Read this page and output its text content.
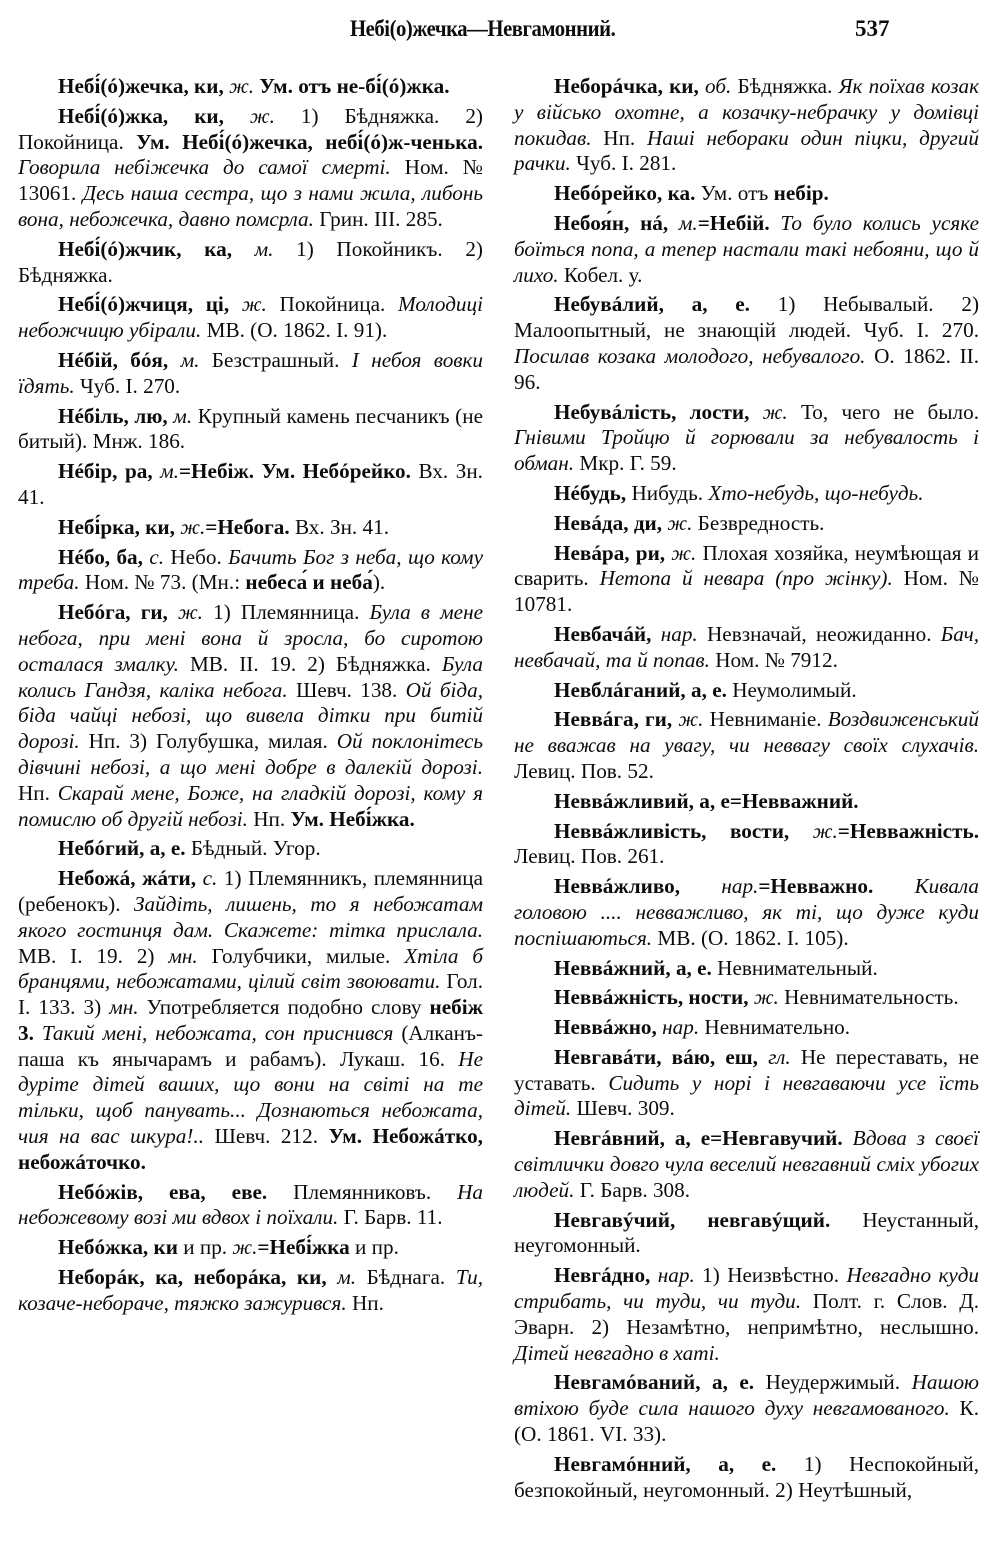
Небі(о)жечка—Невгамонний.	537

Небі́(ó)жечка, ки, ж. Ум. отъ не-бі́(ó)жка.

Небі́(ó)жка, ки, ж. 1) Бѣдняжка. 2) Покойница. Ум. Небі́(ó)жечка, небі́(ó)ж-ченька. Говорила небіжечка до самої смерті. Ном. № 13061. Десь наша сестра, що з нами жила, либонь вона, небожечка, давно помсрла. Грин. III. 285.

Небі́(ó)жчик, ка, м. 1) Покойникъ. 2) Бѣдняжка.

Небі́(ó)жчиця, ці, ж. Покойница. Молодиці небожчицю убірали. МВ. (О. 1862. I. 91).

Нéбій, бóя, м. Безстрашный. І небоя вовки їдять. Чуб. I. 270.

Нéбіль, лю, м. Крупный камень песчаникъ (не битый). Мнж. 186.

Нéбір, ра, м.=Небіж. Ум. Небóрейко. Вх. Зн. 41.

Небі́рка, ки, ж.=Небога. Вх. Зн. 41.

Нéбо, ба, с. Небо. Бачить Бог з неба, що кому треба. Ном. № 73. (Мн.: небеса́ и неба́).

Небóга, ги, ж. 1) Племянница. Була в мене небога, при мені вона й зросла, бо сиротою осталася змалку. МВ. II. 19. 2) Бѣдняжка. Була колись Гандзя, каліка небога. Шевч. 138. Ой біда, біда чайці небозі, що вивела дітки при битій дорозі. Нп. 3) Голубушка, милая. Ой поклонітесь дівчині небозі, а що мені добре в далекій дорозі. Нп. Скарай мене, Боже, на гладкій дорозі, кому я помислю об другій небозі. Нп. Ум. Небі́жка.

Небóгий, а, е. Бѣдный. Угор.

Небожá, жáти, с. 1) Племянникъ, племянница (ребенокъ). Зайдіть, лишень, то я небожатам якого гостинця дам. Скажете: тітка прислала. МВ. I. 19. 2) мн. Голубчики, милые. Хтіла б бранцями, небожатами, цілий світ звоювати. Гол. I. 133. 3) мн. Употребляется подобно слову небіж 3. Такий мені, небожата, сон приснився (Алканъ-паша къ янычарамъ и рабамъ). Лукаш. 16. Не дуріте дітей ваших, що вони на світі на те тільки, щоб панувать... Дознаються небожата, чия на вас шкура!.. Шевч. 212. Ум. Небожáтко, небожáточко.

Небóжів, ева, еве. Племянниковъ. На небожевому возі ми вдвох і поїхали. Г. Барв. 11.

Небóжка, ки и пр. ж.=Небі́жка и пр.

Неборáк, ка, неборáка, ки, м. Бѣднага. Ти, козаче-небораче, тяжко зажурився. Нп.

Неборáчка, ки, об. Бѣдняжка. Як поїхав козак у військо охотне, а козачку-небрачку у домівці покидав. Нп. Наші небораки один піцки, другий рачки. Чуб. I. 281.

Небóрейко, ка. Ум. отъ небір.

Небоя́н, нá, м.=Небій. То було колись усяке боїться попа, а тепер настали такі небояни, що й лихо. Кобел. у.

Небувáлий, а, е. 1) Небывалый. 2) Малоопытный, не знающій людей. Чуб. I. 270. Посилав козака молодого, небувалого. О. 1862. II. 96.

Небувáлість, лости, ж. То, чего не было. Гнівими Тройцю й горювали за небувалость і обман. Мкр. Г. 59.

Нéбудь, Нибудь. Хто-небудь, що-небудь.

Невáда, ди, ж. Безвредность.

Невáра, ри, ж. Плохая хозяйка, неумѣющая и сварить. Нетопа й невара (про жінку). Ном. № 10781.

Невбачáй, нар. Невзначай, неожиданно. Бач, невбачай, та й попав. Ном. № 7912.

Невблáганий, а, е. Неумолимый.

Неввáга, ги, ж. Невниманіе. Воздвиженський не вважав на увагу, чи неввагу своїх слухачів. Левиц. Пов. 52.

Неввáжливий, а, е=Невважний.

Неввáжливість, вости, ж.=Невважність. Левиц. Пов. 261.

Неввáжливо, нар.=Невважно. Кивала головою .... невважливо, як ті, що дуже куди поспішаються. МВ. (О. 1862. I. 105).

Неввáжний, а, е. Невнимательный.

Неввáжність, ности, ж. Невнимательность.

Неввáжно, нар. Невнимательно.

Невгавáти, вáю, еш, гл. Не переставать, не уставать. Сидить у норі і невгаваючи усе їсть дітей. Шевч. 309.

Невгáвний, а, е=Невгавучий. Вдова з своєї світлички довго чула веселий невгавний сміх убогих людей. Г. Барв. 308.

Невгавýчий, невгавýщий. Неустанный, неугомонный.

Невгáдно, нар. 1) Неизвѣстно. Невгадно куди стрибать, чи туди, чи туди. Полт. г. Слов. Д. Эварн. 2) Незамѣтно, непримѣтно, неслышно. Дітей невгадно в хаті.

Невгамóваний, а, е. Неудержимый. Нашою втіхою буде сила нашого духу невгамованого. К. (О. 1861. VI. 33).

Невгамóнний, а, е. 1) Неспокойный, безпокойный, неугомонный. 2) Неутѣшный,
